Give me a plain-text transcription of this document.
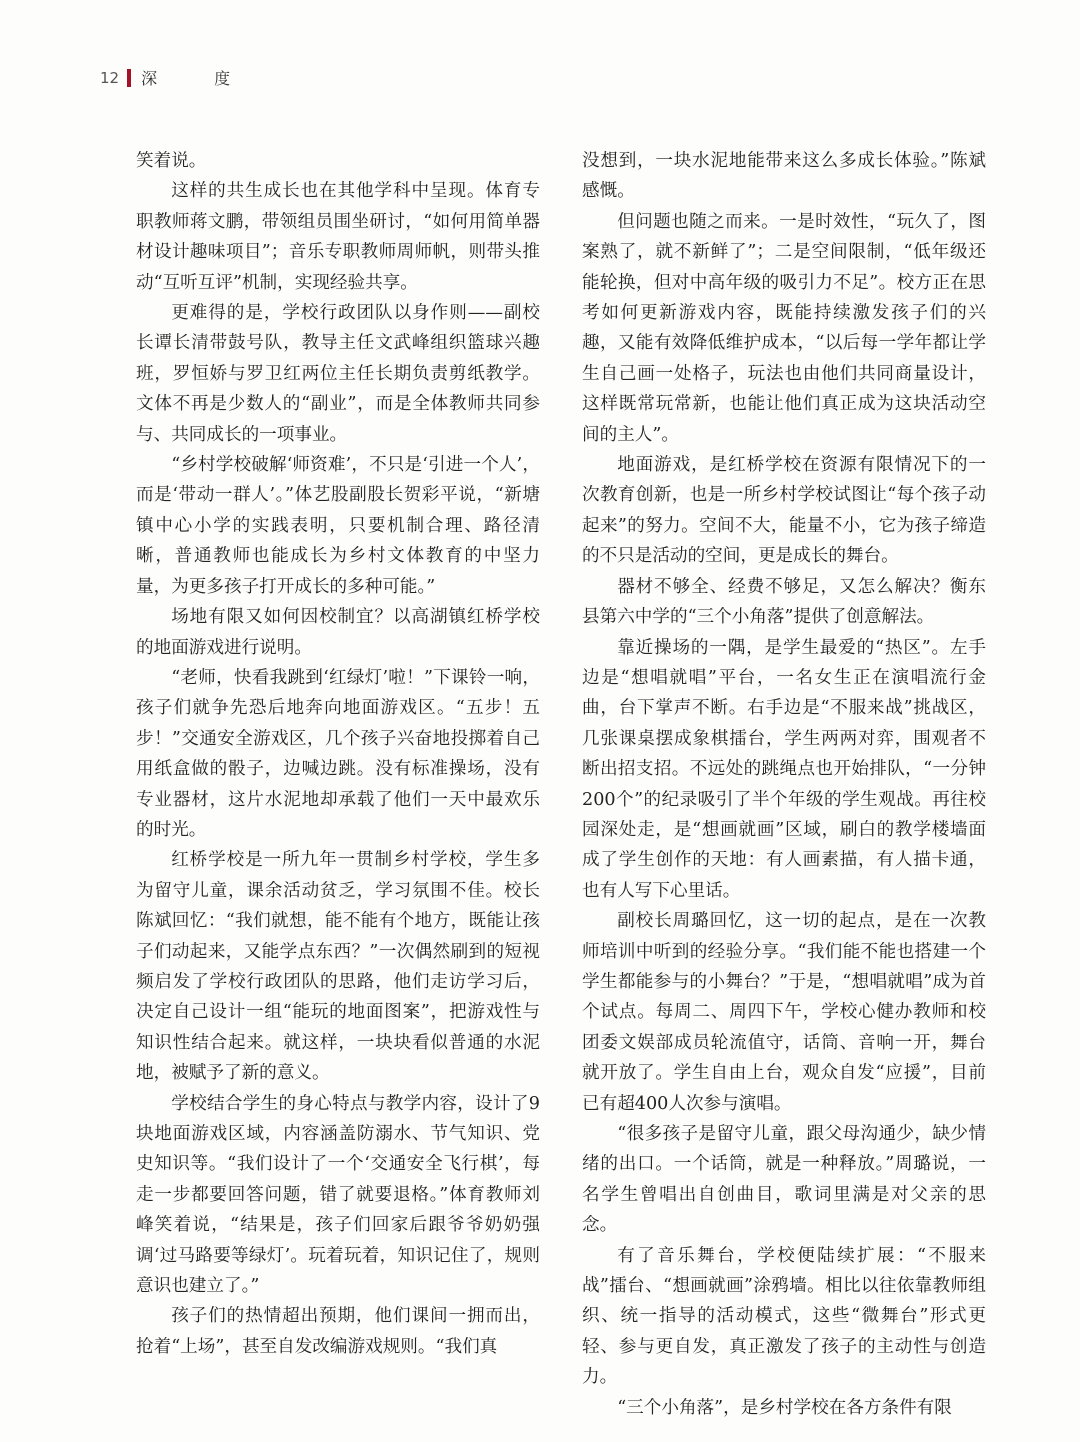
12 深 度

笑着说。

这样的共生成长也在其他学科中呈现。体育专职教师蒋文鹏，带领组员围坐研讨，“如何用简单器材设计趣味项目”；音乐专职教师周师帆，则带头推动“互听互评”机制，实现经验共享。

更难得的是，学校行政团队以身作则——副校长谭长清带鼓号队，教导主任文武峰组织篮球兴趣班，罗恒娇与罗卫红两位主任长期负责剪纸教学。文体不再是少数人的“副业”，而是全体教师共同参与、共同成长的一项事业。

“乡村学校破解‘师资难’，不只是‘引进一个人’，而是‘带动一群人’。”体艺股副股长贺彩平说，“新塘镇中心小学的实践表明，只要机制合理、路径清晰，普通教师也能成长为乡村文体教育的中坚力量，为更多孩子打开成长的多种可能。”

场地有限又如何因校制宜？以高湖镇红桥学校的地面游戏进行说明。

“老师，快看我跳到‘红绿灯’啦！”下课铃一响，孩子们就争先恐后地奔向地面游戏区。“五步！五步！”交通安全游戏区，几个孩子兴奋地投掷着自己用纸盒做的骰子，边喊边跳。没有标准操场，没有专业器材，这片水泥地却承载了他们一天中最欢乐的时光。

红桥学校是一所九年一贯制乡村学校，学生多为留守儿童，课余活动贫乏，学习氛围不佳。校长陈斌回忆：“我们就想，能不能有个地方，既能让孩子们动起来，又能学点东西？”一次偶然刷到的短视频启发了学校行政团队的思路，他们走访学习后，决定自己设计一组“能玩的地面图案”，把游戏性与知识性结合起来。就这样，一块块看似普通的水泥地，被赋予了新的意义。

学校结合学生的身心特点与教学内容，设计了9块地面游戏区域，内容涵盖防溺水、节气知识、党史知识等。“我们设计了一个‘交通安全飞行棋’，每走一步都要回答问题，错了就要退格。”体育教师刘峰笑着说，“结果是，孩子们回家后跟爷爷奶奶强调‘过马路要等绿灯’。玩着玩着，知识记住了，规则意识也建立了。”

孩子们的热情超出预期，他们课间一拥而出，抢着“上场”，甚至自发改编游戏规则。“我们真

没想到，一块水泥地能带来这么多成长体验。”陈斌感慨。

但问题也随之而来。一是时效性，“玩久了，图案熟了，就不新鲜了”；二是空间限制，“低年级还能轮换，但对中高年级的吸引力不足”。校方正在思考如何更新游戏内容，既能持续激发孩子们的兴趣，又能有效降低维护成本，“以后每一学年都让学生自己画一处格子，玩法也由他们共同商量设计，这样既常玩常新，也能让他们真正成为这块活动空间的主人”。

地面游戏，是红桥学校在资源有限情况下的一次教育创新，也是一所乡村学校试图让“每个孩子动起来”的努力。空间不大，能量不小，它为孩子缔造的不只是活动的空间，更是成长的舞台。

器材不够全、经费不够足，又怎么解决？衡东县第六中学的“三个小角落”提供了创意解法。

靠近操场的一隅，是学生最爱的“热区”。左手边是“想唱就唱”平台，一名女生正在演唱流行金曲，台下掌声不断。右手边是“不服来战”挑战区，几张课桌摆成象棋擂台，学生两两对弈，围观者不断出招支招。不远处的跳绳点也开始排队，“一分钟200个”的纪录吸引了半个年级的学生观战。再往校园深处走，是“想画就画”区域，刷白的教学楼墙面成了学生创作的天地：有人画素描，有人描卡通，也有人写下心里话。

副校长周璐回忆，这一切的起点，是在一次教师培训中听到的经验分享。“我们能不能也搭建一个学生都能参与的小舞台？”于是，“想唱就唱”成为首个试点。每周二、周四下午，学校心健办教师和校团委文娱部成员轮流值守，话筒、音响一开，舞台就开放了。学生自由上台，观众自发“应援”，目前已有超400人次参与演唱。

“很多孩子是留守儿童，跟父母沟通少，缺少情绪的出口。一个话筒，就是一种释放。”周璐说，一名学生曾唱出自创曲目，歌词里满是对父亲的思念。

有了音乐舞台，学校便陆续扩展：“不服来战”擂台、“想画就画”涂鸦墙。相比以往依靠教师组织、统一指导的活动模式，这些“微舞台”形式更轻、参与更自发，真正激发了孩子的主动性与创造力。

“三个小角落”，是乡村学校在各方条件有限
